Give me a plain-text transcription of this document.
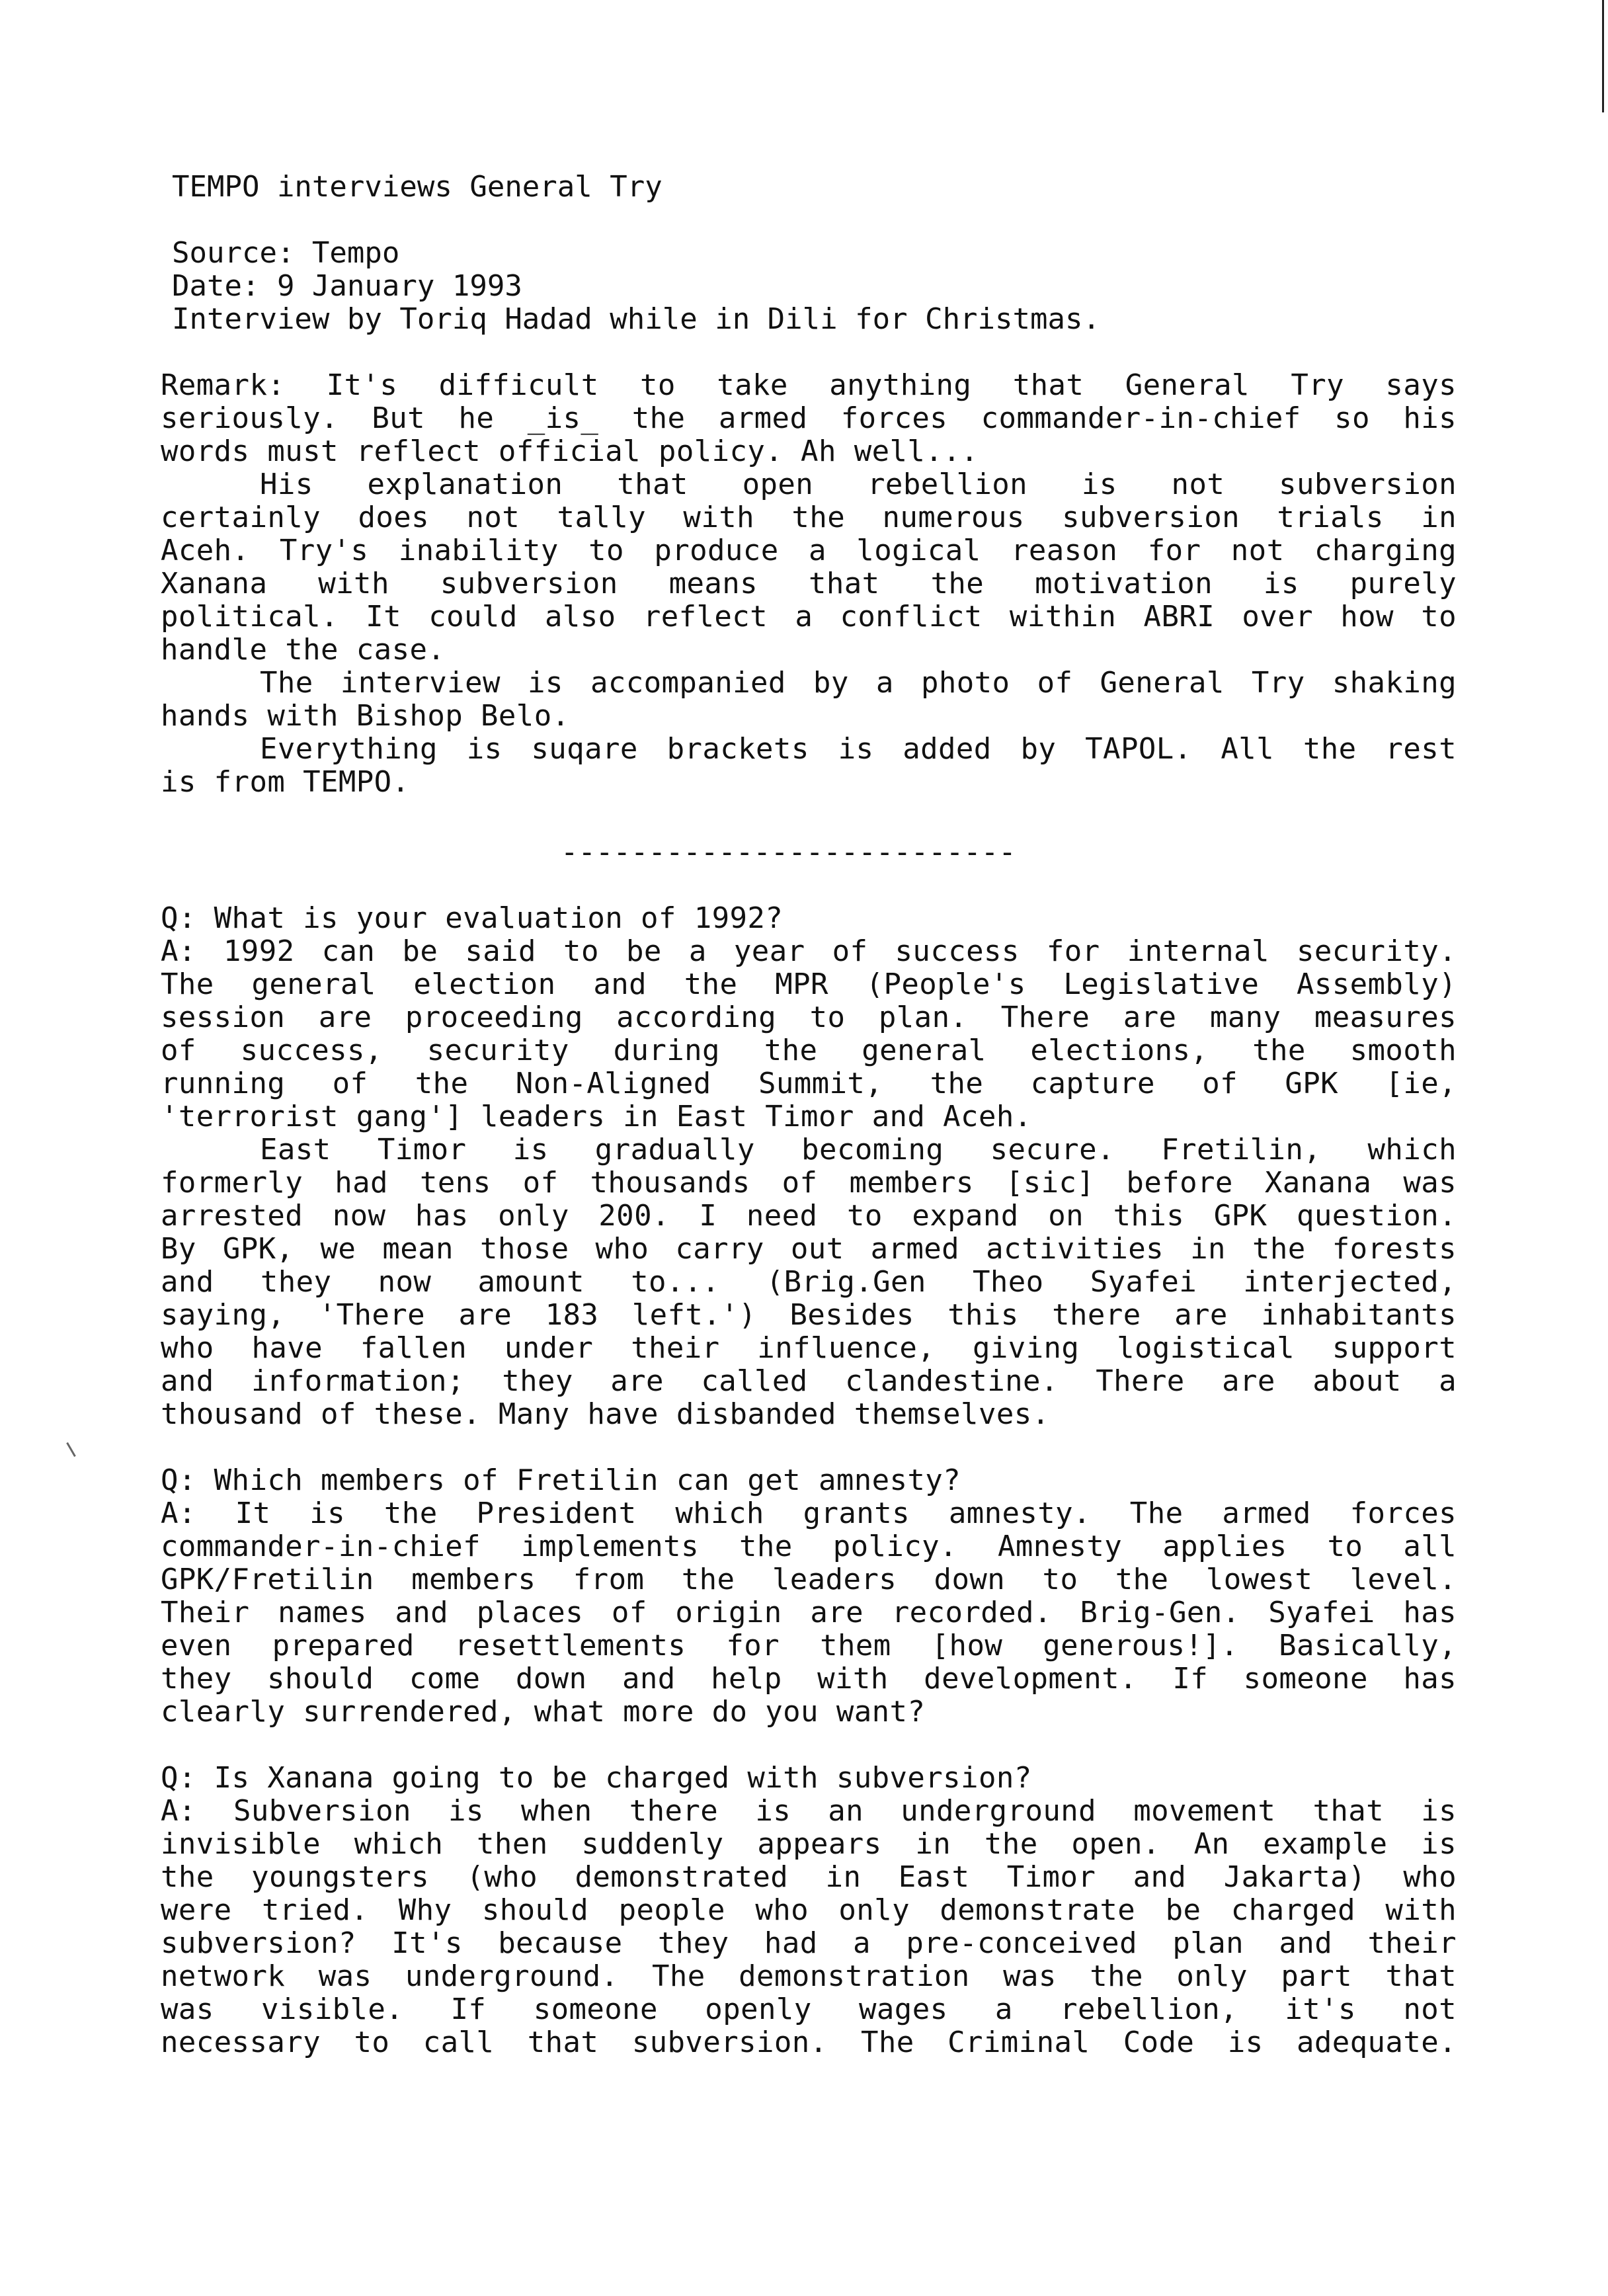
TEMPO interviews General Try
Source: Tempo
Date: 9 January 1993
Interview by Toriq Hadad while in Dili for Christmas.
Remark: It's difficult to take anything that General Try says
seriously. But he _is_ the armed forces commander-in-chief so his
words must reflect official policy. Ah well...
His explanation that open rebellion is not subversion
certainly does not tally with the numerous subversion trials in
Aceh. Try's inability to produce a logical reason for not charging
Xanana with subversion means that the motivation is purely
political. It could also reflect a conflict within ABRI over how to
handle the case.
The interview is accompanied by a photo of General Try shaking
hands with Bishop Belo.
Everything is suqare brackets is added by TAPOL. All the rest
is from TEMPO.
--------------------------
Q: What is your evaluation of 1992?
A: 1992 can be said to be a year of success for internal security.
The general election and the MPR (People's Legislative Assembly)
session are proceeding according to plan. There are many measures
of success, security during the general elections, the smooth
running of the Non-Aligned Summit, the capture of GPK [ie,
'terrorist gang'] leaders in East Timor and Aceh.
East Timor is gradually becoming secure. Fretilin, which
formerly had tens of thousands of members [sic] before Xanana was
arrested now has only 200. I need to expand on this GPK question.
By GPK, we mean those who carry out armed activities in the forests
and they now amount to... (Brig.Gen Theo Syafei interjected,
saying, 'There are 183 left.') Besides this there are inhabitants
who have fallen under their influence, giving logistical support
and information; they are called clandestine. There are about a
thousand of these. Many have disbanded themselves.
Q: Which members of Fretilin can get amnesty?
A: It is the President which grants amnesty. The armed forces
commander-in-chief implements the policy. Amnesty applies to all
GPK/Fretilin members from the leaders down to the lowest level.
Their names and places of origin are recorded. Brig-Gen. Syafei has
even prepared resettlements for them [how generous!]. Basically,
they should come down and help with development. If someone has
clearly surrendered, what more do you want?
Q: Is Xanana going to be charged with subversion?
A: Subversion is when there is an underground movement that is
invisible which then suddenly appears in the open. An example is
the youngsters (who demonstrated in East Timor and Jakarta) who
were tried. Why should people who only demonstrate be charged with
subversion? It's because they had a pre-conceived plan and their
network was underground. The demonstration was the only part that
was visible. If someone openly wages a rebellion, it's not
necessary to call that subversion. The Criminal Code is adequate.
